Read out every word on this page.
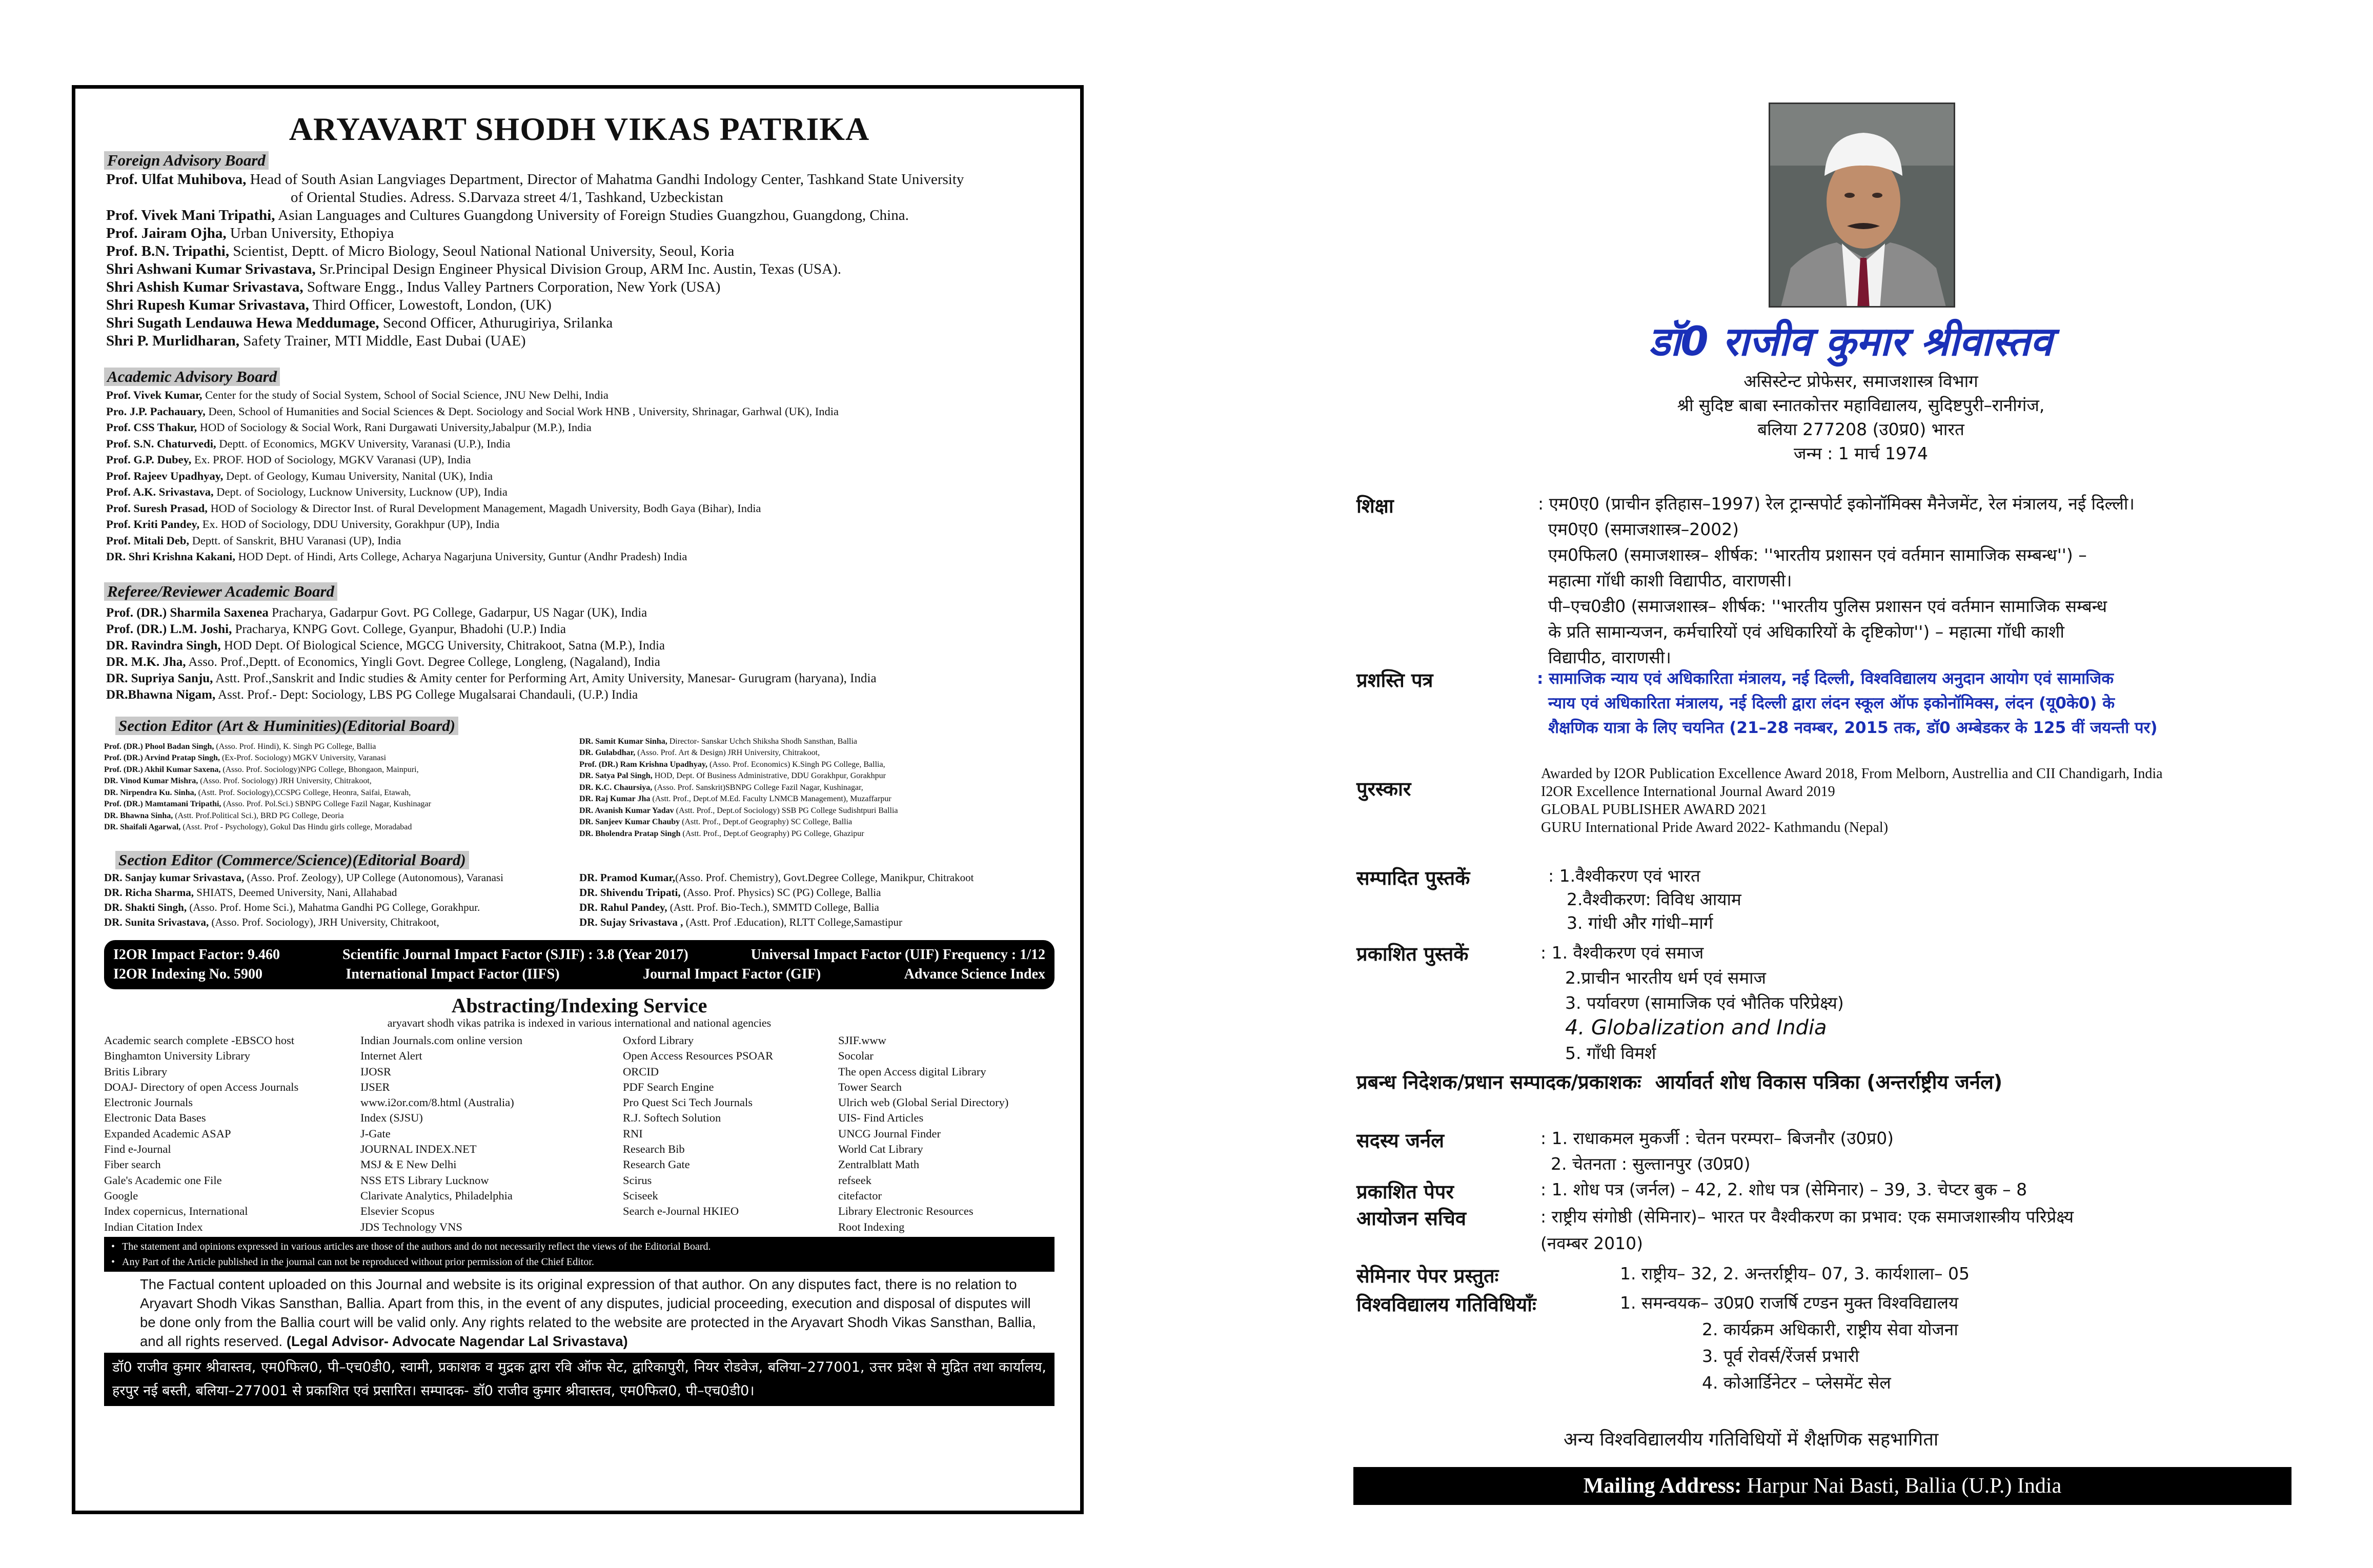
ARYAVART SHODH VIKAS PATRIKA
Foreign Advisory Board
Prof. Ulfat Muhibova, Head of South Asian Langviages Department, Director of Mahatma Gandhi Indology Center, Tashkand State University
of Oriental Studies. Adress. S.Darvaza street 4/1, Tashkand, Uzbeckistan
Prof. Vivek Mani Tripathi, Asian Languages and Cultures Guangdong University of Foreign Studies Guangzhou, Guangdong, China.
Prof. Jairam Ojha, Urban University, Ethopiya
Prof. B.N. Tripathi, Scientist, Deptt. of Micro Biology, Seoul National National University, Seoul, Koria
Shri Ashwani Kumar Srivastava, Sr.Principal Design Engineer Physical Division Group, ARM Inc. Austin, Texas (USA).
Shri Ashish Kumar Srivastava, Software Engg., Indus Valley Partners Corporation, New York (USA)
Shri Rupesh Kumar Srivastava, Third Officer, Lowestoft, London, (UK)
Shri Sugath Lendauwa Hewa Meddumage, Second Officer, Athurugiriya, Srilanka
Shri P. Murlidharan, Safety Trainer, MTI Middle, East Dubai (UAE)
Academic Advisory Board
Prof. Vivek Kumar, Center for the study of Social System, School of Social Science, JNU New Delhi, India
Pro. J.P. Pachauary, Deen, School of Humanities and Social Sciences & Dept. Sociology and Social Work HNB , University, Shrinagar, Garhwal (UK), India
Prof. CSS Thakur, HOD of Sociology & Social Work, Rani Durgawati University,Jabalpur (M.P.), India
Prof. S.N. Chaturvedi, Deptt. of Economics, MGKV University, Varanasi (U.P.), India
Prof. G.P. Dubey, Ex. PROF. HOD of Sociology, MGKV Varanasi (UP), India
Prof. Rajeev Upadhyay, Dept. of Geology, Kumau University, Nanital (UK), India
Prof. A.K. Srivastava, Dept. of Sociology, Lucknow University, Lucknow (UP), India
Prof. Suresh Prasad, HOD of Sociology & Director Inst. of Rural Development Management, Magadh University, Bodh Gaya (Bihar), India
Prof. Kriti Pandey, Ex. HOD of Sociology, DDU University, Gorakhpur (UP), India
Prof. Mitali Deb, Deptt. of Sanskrit, BHU Varanasi (UP), India
DR. Shri Krishna Kakani, HOD Dept. of Hindi, Arts College, Acharya Nagarjuna University, Guntur (Andhr Pradesh) India
Referee/Reviewer Academic Board
Prof. (DR.) Sharmila Saxenea Pracharya, Gadarpur Govt. PG College, Gadarpur, US Nagar (UK), India
Prof. (DR.) L.M. Joshi, Pracharya, KNPG Govt. College, Gyanpur, Bhadohi (U.P.) India
DR. Ravindra Singh, HOD Dept. Of Biological Science, MGCG University, Chitrakoot, Satna (M.P.), India
DR. M.K. Jha, Asso. Prof.,Deptt. of Economics, Yingli Govt. Degree College, Longleng, (Nagaland), India
DR. Supriya Sanju, Astt. Prof.,Sanskrit and Indic studies & Amity center for Performing Art, Amity University, Manesar- Gurugram (haryana), India
DR.Bhawna Nigam, Asst. Prof.- Dept: Sociology, LBS PG College Mugalsarai Chandauli, (U.P.) India
Section Editor (Art & Huminities)(Editorial Board)
Prof. (DR.) Phool Badan Singh, (Asso. Prof. Hindi), K. Singh PG College, Ballia
Prof. (DR.) Arvind Pratap Singh, (Ex-Prof. Sociology) MGKV University, Varanasi
Prof. (DR.) Akhil Kumar Saxena, (Asso. Prof. Sociology)NPG College, Bhongaon, Mainpuri,
DR. Vinod Kumar Mishra, (Asso. Prof. Sociology) JRH University, Chitrakoot,
DR. Nirpendra Ku. Sinha, (Astt. Prof. Sociology),CCSPG College, Heonra, Saifai, Etawah,
Prof. (DR.) Mamtamani Tripathi, (Asso. Prof. Pol.Sci.) SBNPG College Fazil Nagar, Kushinagar
DR. Bhawna Sinha, (Astt. Prof.Political Sci.), BRD PG College, Deoria
DR. Shaifali Agarwal, (Asst. Prof - Psychology), Gokul Das Hindu girls college, Moradabad
DR. Samit Kumar Sinha, Director- Sanskar Uchch Shiksha Shodh Sansthan, Ballia
DR. Gulabdhar, (Asso. Prof. Art & Design) JRH University, Chitrakoot,
Prof. (DR.) Ram Krishna Upadhyay, (Asso. Prof. Economics) K.Singh PG College, Ballia,
DR. Satya Pal Singh, HOD, Dept. Of Business Administrative, DDU Gorakhpur, Gorakhpur
DR. K.C. Chaursiya, (Asso. Prof. Sanskrit)SBNPG College Fazil Nagar, Kushinagar,
DR. Raj Kumar Jha (Astt. Prof., Dept.of M.Ed. Faculty LNMCB Management), Muzaffarpur
DR. Avanish Kumar Yadav (Astt. Prof., Dept.of Sociology) SSB PG College Sudishtpuri Ballia
DR. Sanjeev Kumar Chauby (Astt. Prof., Dept.of Geography) SC College, Ballia
DR. Bholendra Pratap Singh (Astt. Prof., Dept.of Geography) PG College, Ghazipur
Section Editor (Commerce/Science)(Editorial Board)
DR. Sanjay kumar Srivastava, (Asso. Prof. Zeology), UP College (Autonomous), Varanasi
DR. Richa Sharma, SHIATS, Deemed University, Nani, Allahabad
DR. Shakti Singh, (Asso. Prof. Home Sci.), Mahatma Gandhi PG College, Gorakhpur.
DR. Sunita Srivastava, (Asso. Prof. Sociology), JRH University, Chitrakoot,
DR. Pramod Kumar,(Asso. Prof. Chemistry), Govt.Degree College, Manikpur, Chitrakoot
DR. Shivendu Tripati, (Asso. Prof. Physics) SC (PG) College, Ballia
DR. Rahul Pandey, (Astt. Prof. Bio-Tech.), SMMTD College, Ballia
DR. Sujay Srivastava , (Astt. Prof .Education), RLTT College,Samastipur
I2OR Impact Factor: 9.460	Scientific Journal Impact Factor (SJIF) : 3.8 (Year 2017)	Universal Impact Factor (UIF) Frequency : 1/12
I2OR Indexing No. 5900	International Impact Factor (IIFS)	Journal Impact Factor (GIF)	Advance Science Index
Abstracting/Indexing Service
aryavart shodh vikas patrika is indexed in various international and national agencies
Academic search complete -EBSCO host
Binghamton University Library
Britis Library
DOAJ- Directory of open Access Journals
Electronic Journals
Electronic Data Bases
Expanded Academic ASAP
Find e-Journal
Fiber search
Gale's Academic one File
Google
Index copernicus, International
Indian Citation Index
Indian Journals.com online version
Internet Alert
IJOSR
IJSER
www.i2or.com/8.html (Australia)
Index (SJSU)
J-Gate
JOURNAL INDEX.NET
MSJ & E New Delhi
NSS ETS Library Lucknow
Clarivate Analytics, Philadelphia
Elsevier Scopus
JDS Technology VNS
Oxford Library
Open Access Resources PSOAR
ORCID
PDF Search Engine
Pro Quest Sci Tech Journals
R.J. Softech Solution
RNI
Research Bib
Research Gate
Scirus
Sciseek
Search e-Journal HKIEO
SJIF.www
Socolar
The open Access digital Library
Tower Search
Ulrich web (Global Serial Directory)
UIS- Find Articles
UNCG Journal Finder
World Cat Library
Zentralblatt Math
refseek
citefactor
Library Electronic Resources
Root Indexing
• The statement and opinions expressed in various articles are those of the authors and do not necessarily reflect the views of the Editorial Board.
• Any Part of the Article published in the journal can not be reproduced without prior permission of the Chief Editor.
The Factual content uploaded on this Journal and website is its original expression of that author. On any disputes fact, there is no relation to Aryavart Shodh Vikas Sansthan, Ballia. Apart from this, in the event of any disputes, judicial proceeding, execution and disposal of disputes will be done only from the Ballia court will be valid only. Any rights related to the website are protected in the Aryavart Shodh Vikas Sansthan, Ballia, and all rights reserved. (Legal Advisor- Advocate Nagendar Lal Srivastava)
डॉ0 राजीव कुमार श्रीवास्तव, एम0फिल0, पी–एच0डी0, स्वामी, प्रकाशक व मुद्रक द्वारा रवि ऑफ सेट, द्वारिकापुरी, नियर रोडवेज, बलिया–277001, उत्तर प्रदेश से मुद्रित तथा कार्यालय, हरपुर नई बस्ती, बलिया–277001 से प्रकाशित एवं प्रसारित। सम्पादक- डॉ0 राजीव कुमार श्रीवास्तव, एम0फिल0, पी–एच0डी0।
डॉ0 राजीव कुमार श्रीवास्तव
असिस्टेन्ट प्रोफेसर, समाजशास्त्र विभाग
श्री सुदिष्ट बाबा स्नातकोत्तर महाविद्यालय, सुदिष्टपुरी–रानीगंज,
बलिया 277208 (उ0प्र0) भारत
जन्म : 1 मार्च 1974
शिक्षा	: एम0ए0 (प्राचीन इतिहास–1997) रेल ट्रान्सपोर्ट इकोनॉमिक्स मैनेजमेंट, रेल मंत्रालय, नई दिल्ली।
एम0ए0 (समाजशास्त्र–2002)
एम0फिल0 (समाजशास्त्र– शीर्षक: ''भारतीय प्रशासन एवं वर्तमान सामाजिक सम्बन्ध'') –
महात्मा गॉधी काशी विद्यापीठ, वाराणसी।
पी–एच0डी0 (समाजशास्त्र– शीर्षक: ''भारतीय पुलिस प्रशासन एवं वर्तमान सामाजिक सम्बन्ध
के प्रति सामान्यजन, कर्मचारियों एवं अधिकारियों के दृष्टिकोण'') – महात्मा गॉधी काशी
विद्यापीठ, वाराणसी।
प्रशस्ति पत्र	: सामाजिक न्याय एवं अधिकारिता मंत्रालय, नई दिल्ली, विश्वविद्यालय अनुदान आयोग एवं सामाजिक
न्याय एवं अधिकारिता मंत्रालय, नई दिल्ली द्वारा लंदन स्कूल ऑफ इकोनॉमिक्स, लंदन (यू0के0) के
शैक्षणिक यात्रा के लिए चयनित (21–28 नवम्बर, 2015 तक, डॉ0 अम्बेडकर के 125 वीं जयन्ती पर)
पुरस्कार
Awarded by I2OR Publication Excellence Award 2018, From Melborn, Austrellia and CII Chandigarh, India
I2OR Excellence International Journal Award 2019
GLOBAL PUBLISHER AWARD 2021
GURU International Pride Award 2022- Kathmandu (Nepal)
सम्पादित पुस्तकें	: 1.वैश्वीकरण एवं भारत
2.वैश्वीकरण: विविध आयाम
3. गांधी और गांधी–मार्ग
प्रकाशित पुस्तकें	: 1. वैश्वीकरण एवं समाज
2.प्राचीन भारतीय धर्म एवं समाज
3. पर्यावरण (सामाजिक एवं भौतिक परिप्रेक्ष्य)
4. Globalization and India
5. गाँधी विमर्श
प्रबन्ध निदेशक/प्रधान सम्पादक/प्रकाशकः आर्यावर्त शोध विकास पत्रिका (अन्तर्राष्ट्रीय जर्नल)
सदस्य जर्नल	: 1. राधाकमल मुकर्जी : चेतन परम्परा– बिजनौर (उ0प्र0)
2. चेतनता : सुल्तानपुर (उ0प्र0)
प्रकाशित पेपर	: 1. शोध पत्र (जर्नल) – 42, 2. शोध पत्र (सेमिनार) – 39, 3. चेप्टर बुक – 8
आयोजन सचिव	: राष्ट्रीय संगोष्ठी (सेमिनार)– भारत पर वैश्वीकरण का प्रभाव: एक समाजशास्त्रीय परिप्रेक्ष्य
(नवम्बर 2010)
सेमिनार पेपर प्रस्तुतः	1. राष्ट्रीय– 32, 2. अन्तर्राष्ट्रीय– 07, 3. कार्यशाला– 05
विश्वविद्यालय गतिविधियाँः	1. समन्वयक– उ0प्र0 राजर्षि टण्डन मुक्त विश्वविद्यालय
2. कार्यक्रम अधिकारी, राष्ट्रीय सेवा योजना
3. पूर्व रोवर्स/रेंजर्स प्रभारी
4. कोआर्डिनेटर – प्लेसमेंट सेल
अन्य विश्वविद्यालयीय गतिविधियों में शैक्षणिक सहभागिता
Mailing Address: Harpur Nai Basti, Ballia (U.P.) India
